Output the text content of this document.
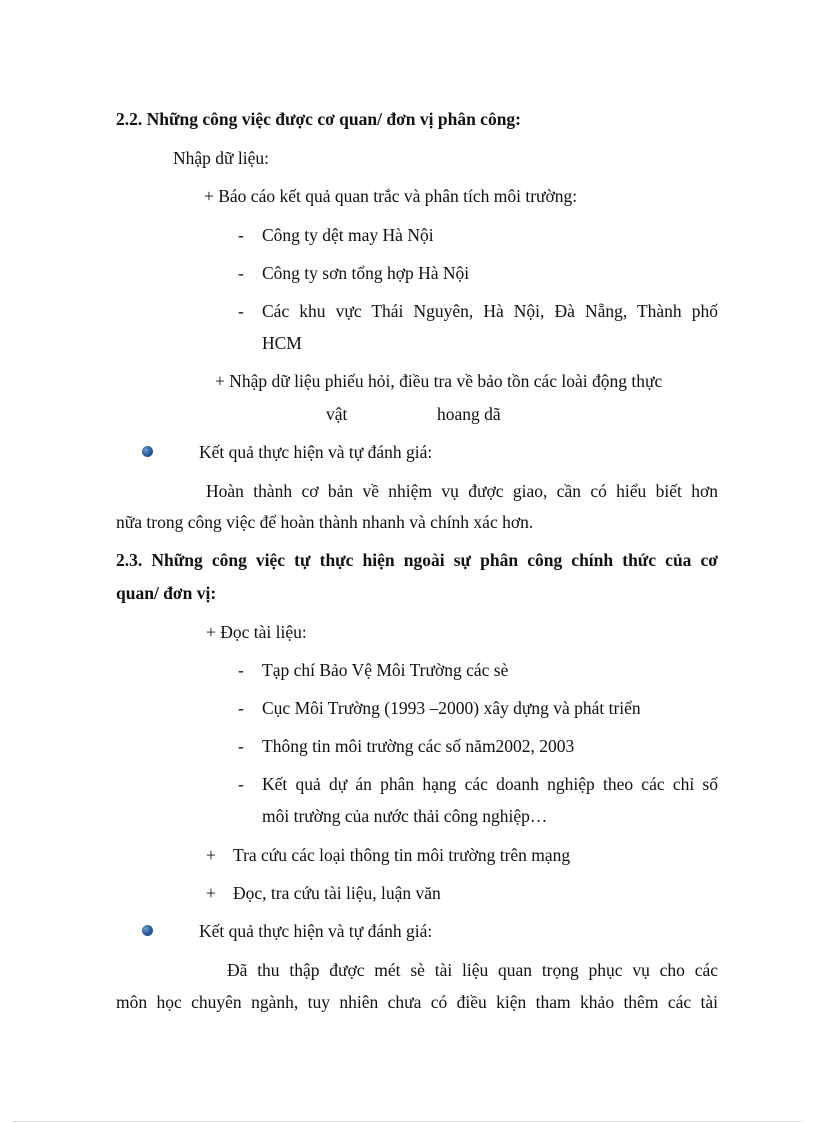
2.2. Những công việc được cơ quan/ đơn vị phân công:
Nhập dữ liệu:
+ Báo cáo kết quả quan trắc và phân tích môi trường:
- Công ty dệt may Hà Nội
- Công ty sơn tổng hợp Hà Nội
- Các khu vực Thái Nguyên, Hà Nội, Đà Nẵng, Thành phố
HCM
+ Nhập dữ liệu phiếu hỏi, điều tra về bảo tồn các loài động thực
vật	hoang dã
Kết quả thực hiện và tự đánh giá:
Hoàn thành cơ bản về nhiệm vụ được giao, cần có hiểu biết hơn
nữa trong công việc để hoàn thành nhanh và chính xác hơn.
2.3. Những công việc tự thực hiện ngoài sự phân công chính thức của cơ
quan/ đơn vị:
+ Đọc tài liệu:
- Tạp chí Bảo Vệ Môi Trường các sè
- Cục Môi Trường (1993 –2000) xây dựng và phát triển
- Thông tin môi trường các số năm2002, 2003
- Kết quả dự án phân hạng các doanh nghiệp theo các chỉ số
môi trường của nước thải công nghiệp…
+ Tra cứu các loại thông tin môi trường trên mạng
+ Đọc, tra cứu tài liệu, luận văn
Kết quả thực hiện và tự đánh giá:
Đã thu thập được mét sè tài liệu quan trọng phục vụ cho các
môn học chuyên ngành, tuy nhiên chưa có điều kiện tham khảo thêm các tài
